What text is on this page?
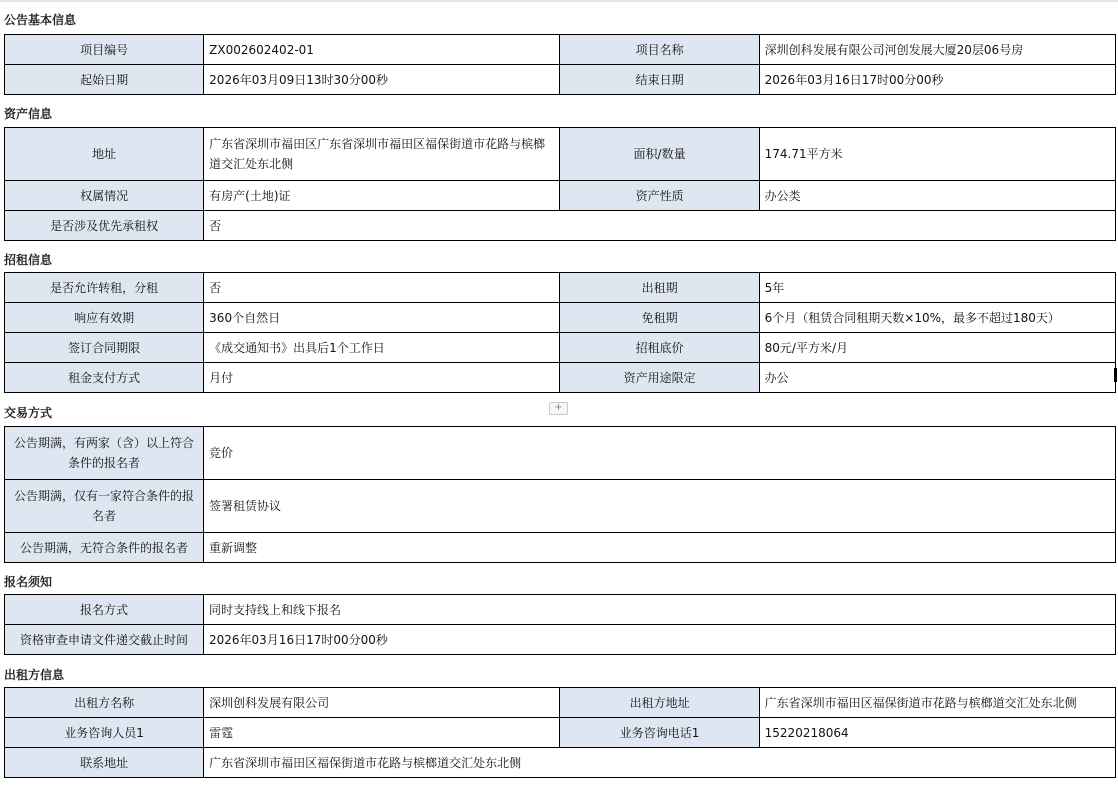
公告基本信息
项目编号	ZX002602402-01	项目名称	深圳创科发展有限公司河创发展大厦20层06号房
起始日期	2026年03月09日13时30分00秒	结束日期	2026年03月16日17时00分00秒
资产信息
地址	广东省深圳市福田区广东省深圳市福田区福保街道市花路与槟榔道交汇处东北侧	面积/数量	174.71平方米
权属情况	有房产(土地)证	资产性质	办公类
是否涉及优先承租权	否		
招租信息
是否允许转租，分租	否	出租期	5年
响应有效期	360个自然日	免租期	6个月（租赁合同租期天数×10%，最多不超过180天）
签订合同期限	《成交通知书》出具后1个工作日	招租底价	80元/平方米/月
租金支付方式	月付	资产用途限定	办公
交易方式	+
公告期满，有两家（含）以上符合条件的报名者	竞价
公告期满，仅有一家符合条件的报名者	签署租赁协议
公告期满，无符合条件的报名者	重新调整
报名须知
报名方式	同时支持线上和线下报名
资格审查申请文件递交截止时间	2026年03月16日17时00分00秒
出租方信息
出租方名称	深圳创科发展有限公司	出租方地址	广东省深圳市福田区福保街道市花路与槟榔道交汇处东北侧
业务咨询人员1	雷霆	业务咨询电话1	15220218064
联系地址	广东省深圳市福田区福保街道市花路与槟榔道交汇处东北侧		
